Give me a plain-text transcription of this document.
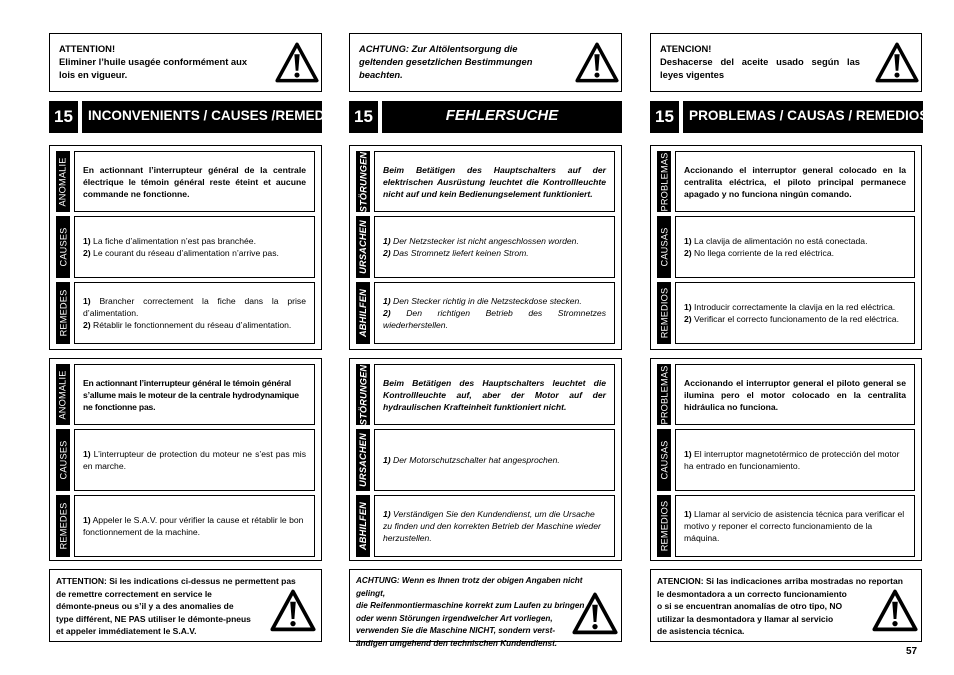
ATTENTION!
Eliminer l’huile usagée conformément aux
lois en vigueur.
ACHTUNG: Zur Altölentsorgung die
geltenden gesetzlichen Bestimmungen
beachten.
ATENCION!
Deshacerse del aceite usado según las
leyes vigentes
15	INCONVENIENTS / CAUSES /REMEDES 15	FEHLERSUCHE	15	PROBLEMAS / CAUSAS / REMEDIOS
ANOMALIE En actionnant l’interrupteur général de la centrale électrique le témoin général reste éteint et aucune commande ne fonctionne.
CAUSES 1) La fiche d’alimentation n’est pas branchée.
2) Le courant du réseau d’alimentation n’arrive pas.
REMEDES 1) Brancher correctement la fiche dans la prise d’alimentation.
2) Rétablir le fonctionnement du réseau d’alimentation.
STÖRUNGEN Beim Betätigen des Hauptschalters auf der elektrischen Ausrüstung leuchtet die Kontrollleuchte nicht auf und kein Bedienungselement funktioniert.
URSACHEN 1) Der Netzstecker ist nicht angeschlossen worden.
2) Das Stromnetz liefert keinen Strom.
ABHILFEN 1) Den Stecker richtig in die Netzsteckdose stecken.
2) Den richtigen Betrieb des Stromnetzes wiederherstellen.
PROBLEMAS Accionando el interruptor general colocado en la centralita eléctrica, el piloto principal permanece apagado y no funciona ningún comando.
CAUSAS 1) La clavija de alimentación no está conectada.
2) No llega corriente de la red eléctrica.
REMEDIOS 1) Introducir correctamente la clavija en la red eléctrica.
2) Verificar el correcto funcionamento de la red eléctrica.
ANOMALIE En actionnant l’interrupteur général le témoin général s’allume mais le moteur de la centrale hydrodynamique ne fonctionne pas.
CAUSES 1) L’interrupteur de protection du moteur ne s’est pas mis en marche.
REMEDES 1) Appeler le S.A.V. pour vérifier la cause et rétablir le bon fonctionnement de la machine.
STÖRUNGEN Beim Betätigen des Hauptschalters leuchtet die Kontrollleuchte auf, aber der Motor auf der hydraulischen Krafteinheit funktioniert nicht.
URSACHEN 1) Der Motorschutzschalter hat angesprochen.
ABHILFEN 1) Verständigen Sie den Kundendienst, um die Ursache zu finden und den korrekten Betrieb der Maschine wieder herzustellen.
PROBLEMAS Accionando el interruptor general el piloto general se ilumina pero el motor colocado en la centralita hidráulica no funciona.
CAUSAS 1) El interruptor magnetotérmico de protección del motor ha entrado en funcionamiento.
REMEDIOS 1) Llamar al servicio de asistencia técnica para verificar el motivo y reponer el correcto funcionamiento de la máquina.
ATTENTION: Si les indications ci-dessus ne permettent pas
de remettre correctement en service le
démonte-pneus ou s’il y a des anomalies de
type différent, NE PAS utiliser le démonte-pneus
et appeler immédiatement le S.A.V.
ACHTUNG: Wenn es Ihnen trotz der obigen Angaben nicht gelingt,
die Reifenmontiermaschine korrekt zum Laufen zu bringen
oder wenn Störungen irgendwelcher Art vorliegen,
verwenden Sie die Maschine NICHT, sondern verst-
ändigen umgehend den technischen Kundendienst.
ATENCION: Si las indicaciones arriba mostradas no reportan
le desmontadora a un correcto funcionamiento
o si se encuentran anomalías de otro tipo, NO
utilizar la desmontadora y llamar al servicio
de asistencia técnica.
57
